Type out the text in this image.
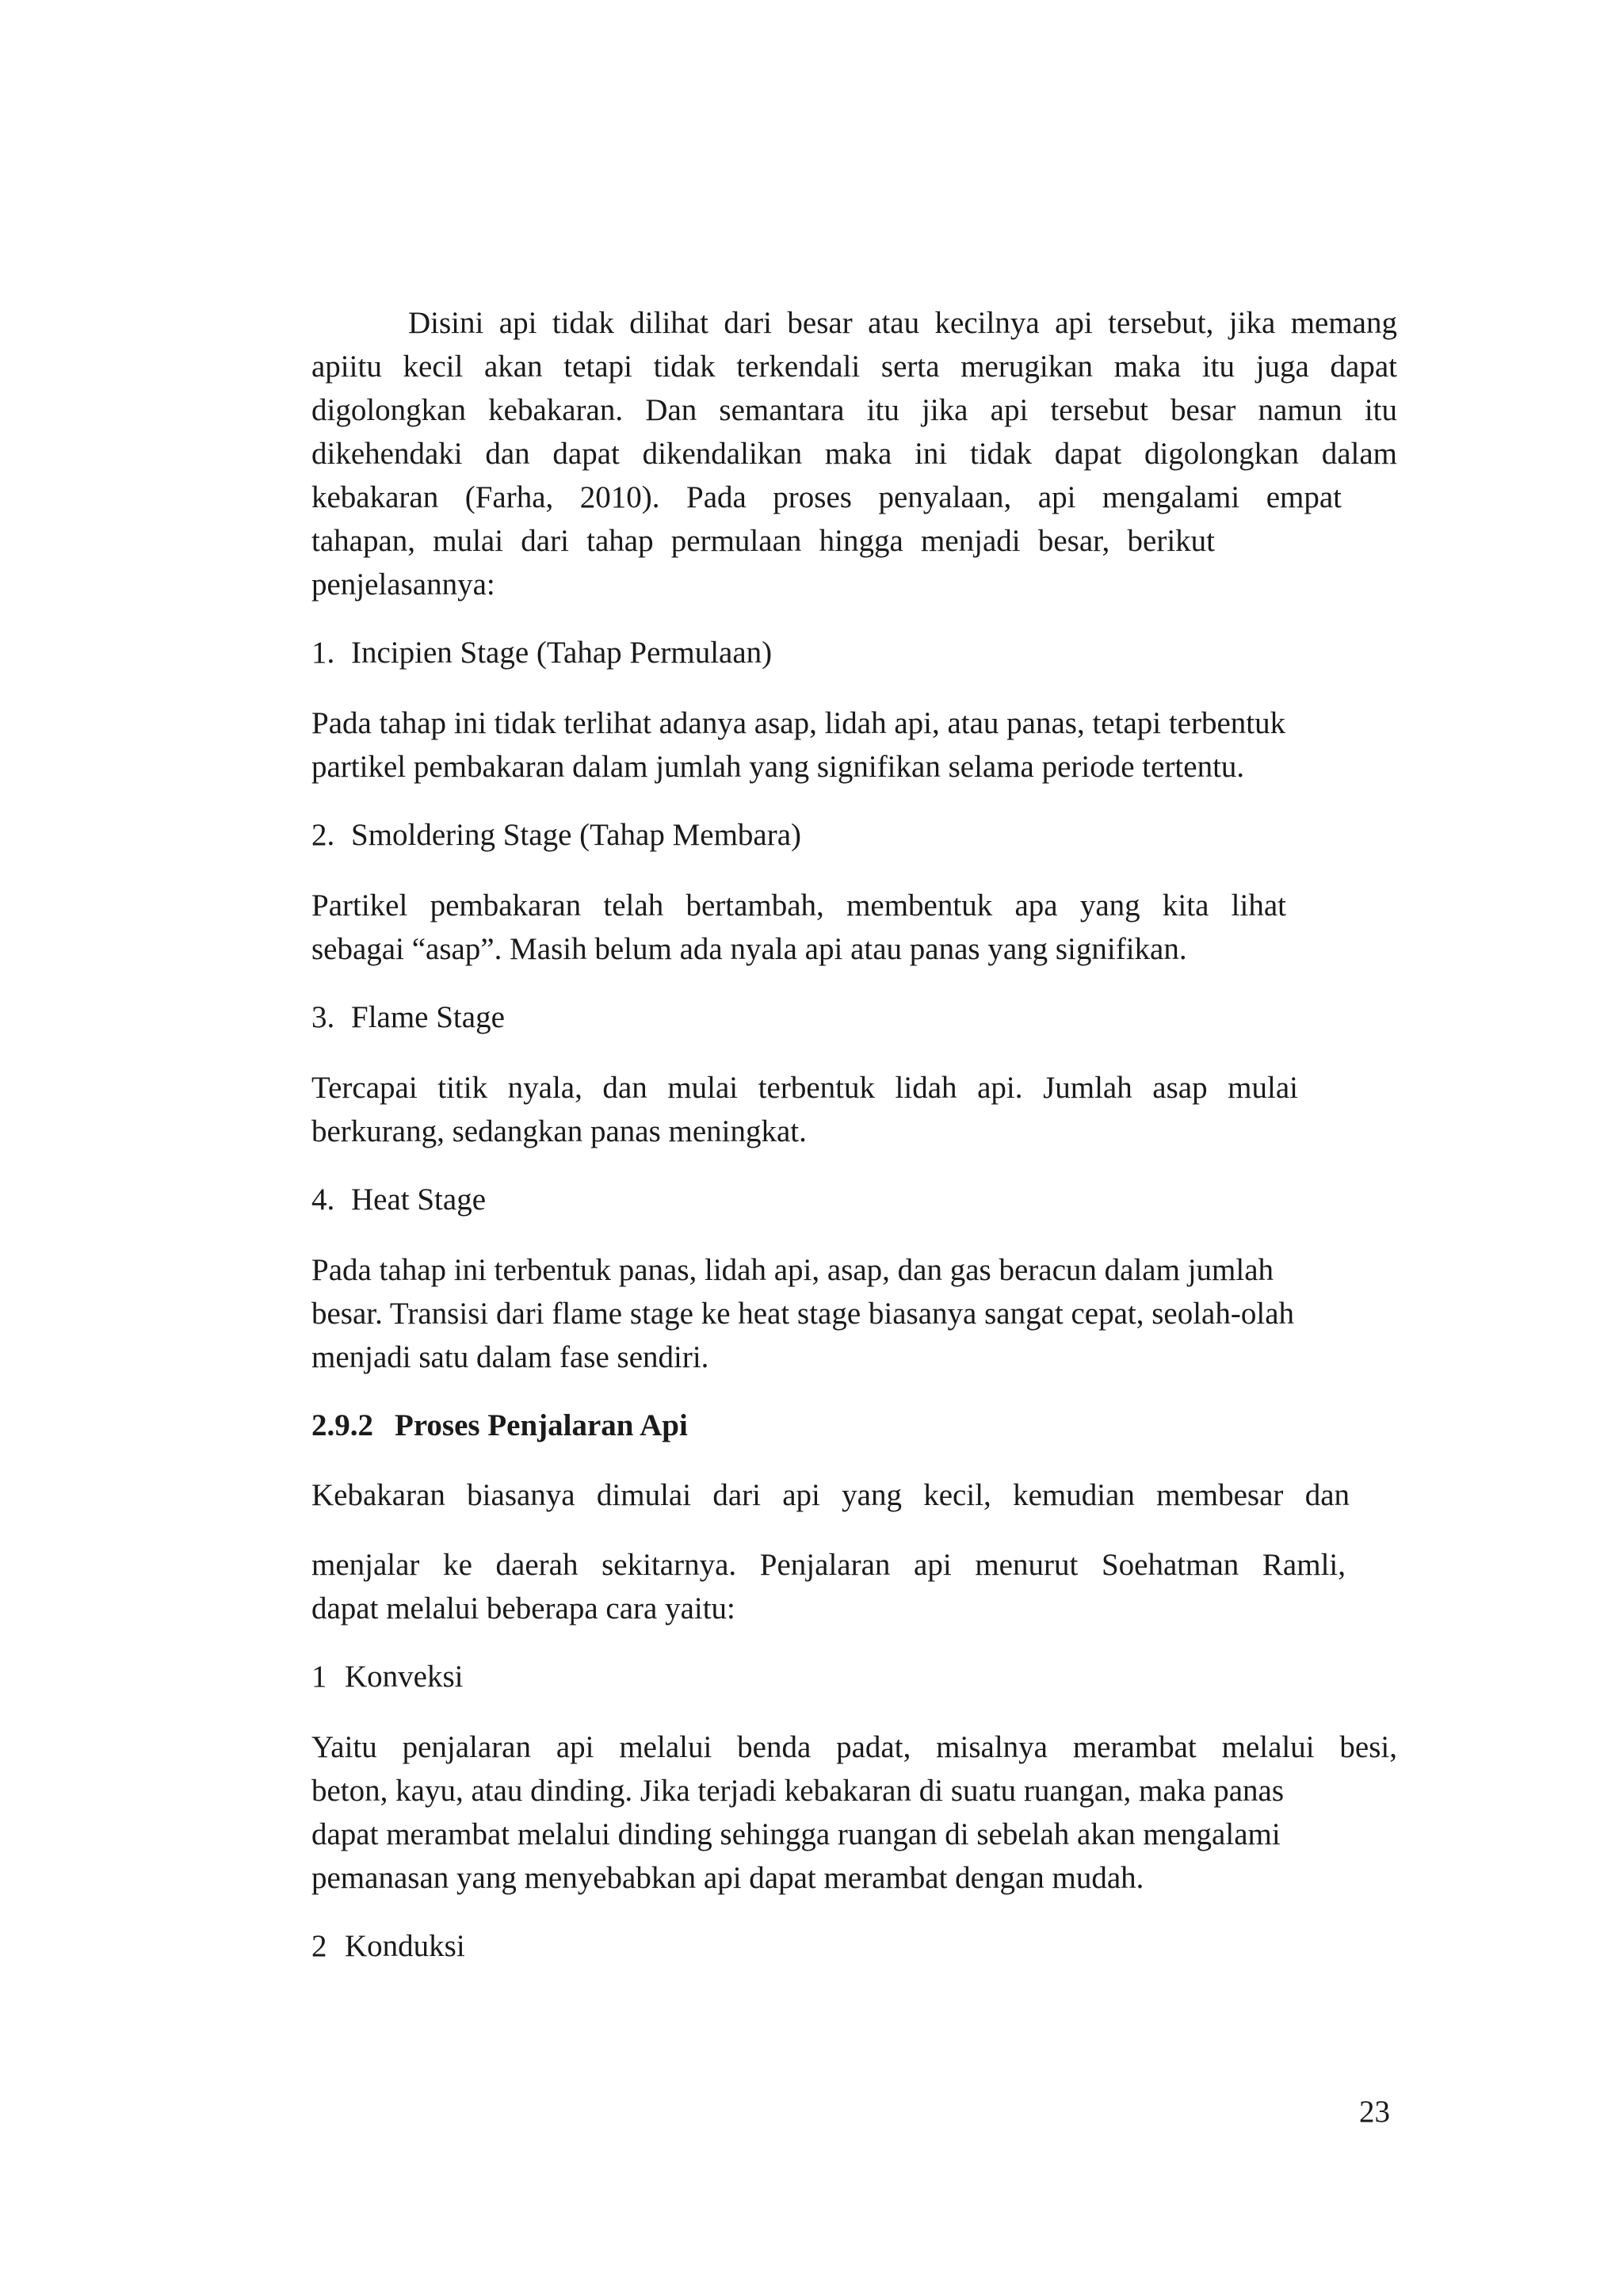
Disini api tidak dilihat dari besar atau kecilnya api tersebut, jika memang
apiitu kecil akan tetapi tidak terkendali serta merugikan maka itu juga dapat
digolongkan kebakaran. Dan semantara itu jika api tersebut besar namun itu
dikehendaki dan dapat dikendalikan maka ini tidak dapat digolongkan dalam
kebakaran (Farha, 2010). Pada proses penyalaan, api mengalami empat
tahapan, mulai dari tahap permulaan hingga menjadi besar, berikut
penjelasannya:
1. Incipien Stage (Tahap Permulaan)
Pada tahap ini tidak terlihat adanya asap, lidah api, atau panas, tetapi terbentuk
partikel pembakaran dalam jumlah yang signifikan selama periode tertentu.
2. Smoldering Stage (Tahap Membara)
Partikel pembakaran telah bertambah, membentuk apa yang kita lihat
sebagai “asap”. Masih belum ada nyala api atau panas yang signifikan.
3. Flame Stage
Tercapai titik nyala, dan mulai terbentuk lidah api. Jumlah asap mulai
berkurang, sedangkan panas meningkat.
4. Heat Stage
Pada tahap ini terbentuk panas, lidah api, asap, dan gas beracun dalam jumlah
besar. Transisi dari flame stage ke heat stage biasanya sangat cepat, seolah-olah
menjadi satu dalam fase sendiri.
2.9.2 Proses Penjalaran Api
Kebakaran biasanya dimulai dari api yang kecil, kemudian membesar dan
menjalar ke daerah sekitarnya. Penjalaran api menurut Soehatman Ramli,
dapat melalui beberapa cara yaitu:
1 Konveksi
Yaitu penjalaran api melalui benda padat, misalnya merambat melalui besi,
beton, kayu, atau dinding. Jika terjadi kebakaran di suatu ruangan, maka panas
dapat merambat melalui dinding sehingga ruangan di sebelah akan mengalami
pemanasan yang menyebabkan api dapat merambat dengan mudah.
2 Konduksi
23
